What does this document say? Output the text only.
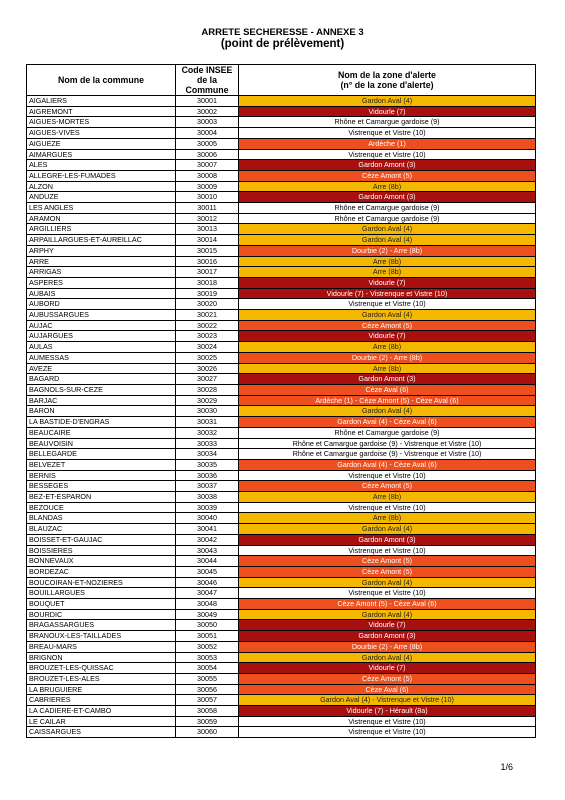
ARRETE SECHERESSE - ANNEXE 3
(point de prélèvement)
Nom de la commune	Code INSEE de la Commune	Nom de la zone d'alerte
(n° de la zone d'alerte)
AIGALIERS	30001	Gardon Aval (4)
AIGREMONT	30002	Vidourle (7)
AIGUES-MORTES	30003	Rhône et Camargue gardoise (9)
AIGUES-VIVES	30004	Vistrenque et Vistre (10)
AIGUEZE	30005	Ardèche (1)
AIMARGUES	30006	Vistrenque et Vistre (10)
ALES	30007	Gardon Amont (3)
ALLEGRE-LES-FUMADES	30008	Cèze Amont (5)
ALZON	30009	Arre (8b)
ANDUZE	30010	Gardon Amont (3)
LES ANGLES	30011	Rhône et Camargue gardoise (9)
ARAMON	30012	Rhône et Camargue gardoise (9)
ARGILLIERS	30013	Gardon Aval (4)
ARPAILLARGUES-ET-AUREILLAC	30014	Gardon Aval (4)
ARPHY	30015	Dourbie (2) - Arre (8b)
ARRE	30016	Arre (8b)
ARRIGAS	30017	Arre (8b)
ASPERES	30018	Vidourle (7)
AUBAIS	30019	Vidourle (7) - Vistrenque et Vistre (10)
AUBORD	30020	Vistrenque et Vistre (10)
AUBUSSARGUES	30021	Gardon Aval (4)
AUJAC	30022	Cèze Amont (5)
AUJARGUES	30023	Vidourle (7)
AULAS	30024	Arre (8b)
AUMESSAS	30025	Dourbie (2) - Arre (8b)
AVEZE	30026	Arre (8b)
BAGARD	30027	Gardon Amont (3)
BAGNOLS-SUR-CEZE	30028	Cèze Aval (6)
BARJAC	30029	Ardèche (1) - Cèze Amont (5) - Cèze Aval (6)
BARON	30030	Gardon Aval (4)
LA BASTIDE-D'ENGRAS	30031	Gardon Aval (4) - Cèze Aval (6)
BEAUCAIRE	30032	Rhône et Camargue gardoise (9)
BEAUVOISIN	30033	Rhône et Camargue gardoise (9) - Vistrenque et Vistre (10)
BELLEGARDE	30034	Rhône et Camargue gardoise (9) - Vistrenque et Vistre (10)
BELVEZET	30035	Gardon Aval (4) - Cèze Aval (6)
BERNIS	30036	Vistrenque et Vistre (10)
BESSEGES	30037	Cèze Amont (5)
BEZ-ET-ESPARON	30038	Arre (8b)
BEZOUCE	30039	Vistrenque et Vistre (10)
BLANDAS	30040	Arre (8b)
BLAUZAC	30041	Gardon Aval (4)
BOISSET-ET-GAUJAC	30042	Gardon Amont (3)
BOISSIERES	30043	Vistrenque et Vistre (10)
BONNEVAUX	30044	Cèze Amont (5)
BORDEZAC	30045	Cèze Amont (5)
BOUCOIRAN-ET-NOZIERES	30046	Gardon Aval (4)
BOUILLARGUES	30047	Vistrenque et Vistre (10)
BOUQUET	30048	Cèze Amont (5) - Cèze Aval (6)
BOURDIC	30049	Gardon Aval (4)
BRAGASSARGUES	30050	Vidourle (7)
BRANOUX-LES-TAILLADES	30051	Gardon Amont (3)
BREAU-MARS	30052	Dourbie (2) - Arre (8b)
BRIGNON	30053	Gardon Aval (4)
BROUZET-LES-QUISSAC	30054	Vidourle (7)
BROUZET-LES-ALES	30055	Cèze Amont (5)
LA BRUGUIERE	30056	Cèze Aval (6)
CABRIERES	30057	Gardon Aval (4) - Vistrenque et Vistre (10)
LA CADIERE-ET-CAMBO	30058	Vidourle (7) - Hérault (8a)
LE CAILAR	30059	Vistrenque et Vistre (10)
CAISSARGUES	30060	Vistrenque et Vistre (10)
1/6
